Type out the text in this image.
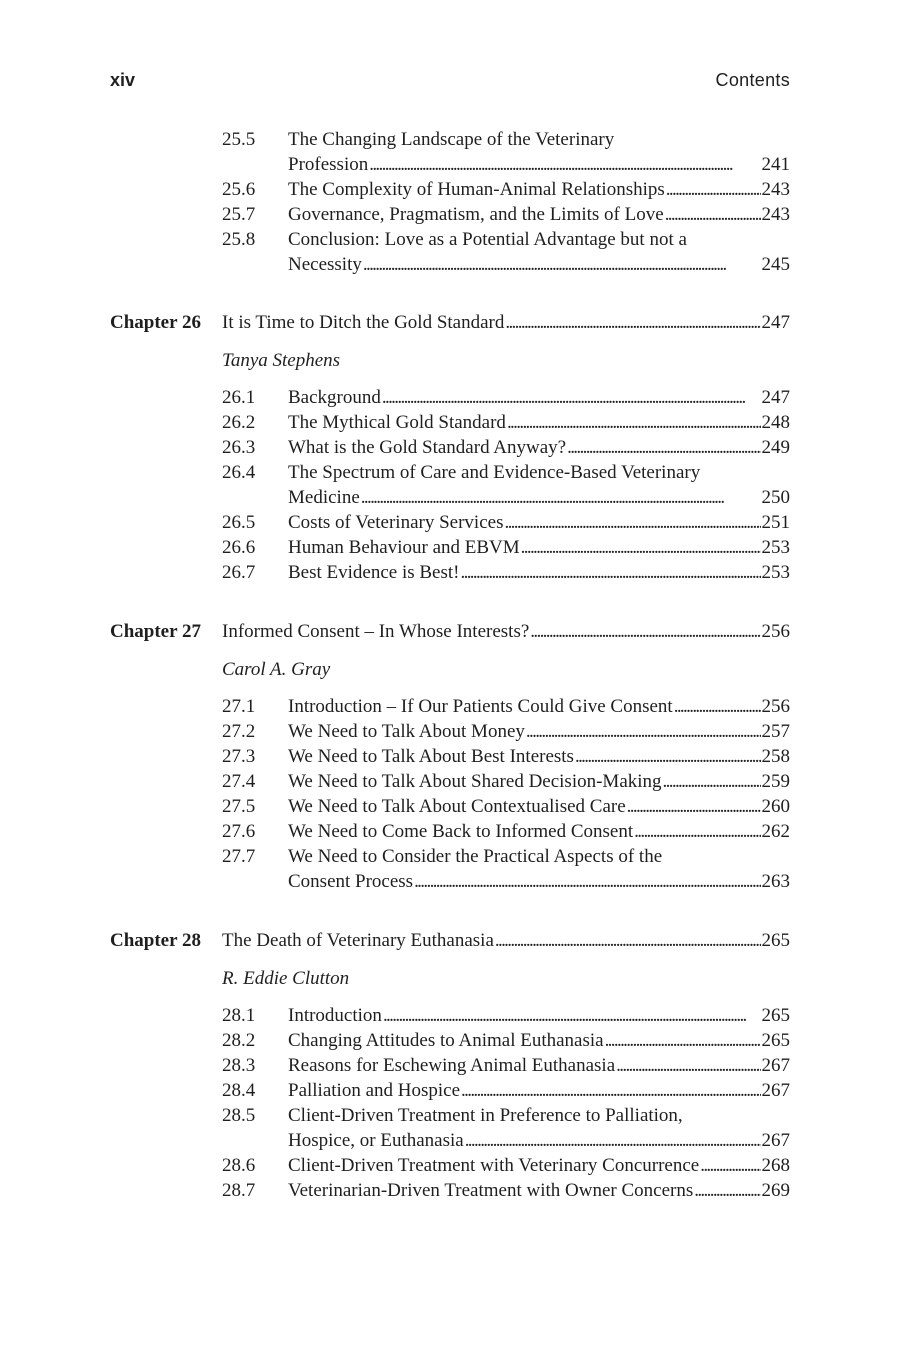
xiv	Contents
25.5 The Changing Landscape of the Veterinary
Profession . . .	241
25.6 The Complexity of Human-Animal Relationships . . .	243
25.7 Governance, Pragmatism, and the Limits of Love . . .	243
25.8 Conclusion: Love as a Potential Advantage but not a
Necessity . . .	245
Chapter 26 It is Time to Ditch the Gold Standard . . .	247
Tanya Stephens
26.1 Background . . .	247
26.2 The Mythical Gold Standard . . .	248
26.3 What is the Gold Standard Anyway? . . .	249
26.4 The Spectrum of Care and Evidence-Based Veterinary
Medicine . . .	250
26.5 Costs of Veterinary Services . . .	251
26.6 Human Behaviour and EBVM . . .	253
26.7 Best Evidence is Best! . . .	253
Chapter 27 Informed Consent – In Whose Interests? . . .	256
Carol A. Gray
27.1 Introduction – If Our Patients Could Give Consent . . .	256
27.2 We Need to Talk About Money . . .	257
27.3 We Need to Talk About Best Interests . . .	258
27.4 We Need to Talk About Shared Decision-Making . . .	259
27.5 We Need to Talk About Contextualised Care . . .	260
27.6 We Need to Come Back to Informed Consent . . .	262
27.7 We Need to Consider the Practical Aspects of the
Consent Process . . .	263
Chapter 28 The Death of Veterinary Euthanasia . . .	265
R. Eddie Clutton
28.1 Introduction . . .	265
28.2 Changing Attitudes to Animal Euthanasia . . .	265
28.3 Reasons for Eschewing Animal Euthanasia . . .	267
28.4 Palliation and Hospice . . .	267
28.5 Client-Driven Treatment in Preference to Palliation,
Hospice, or Euthanasia . . .	267
28.6 Client-Driven Treatment with Veterinary Concurrence . . .	268
28.7 Veterinarian-Driven Treatment with Owner Concerns . . .	269
